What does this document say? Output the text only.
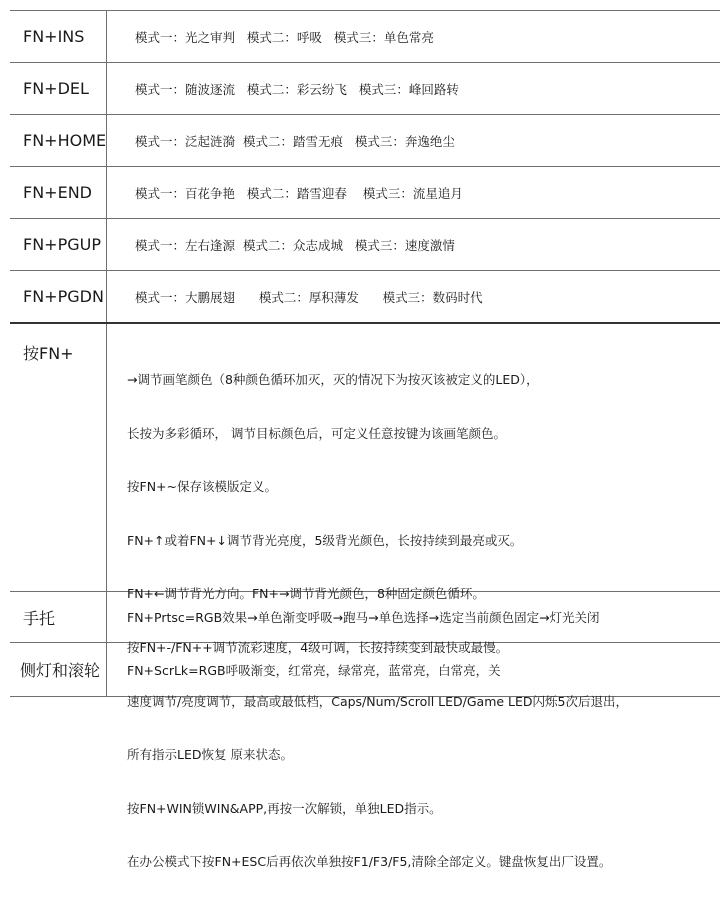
FN+INS	模式一：光之审判   模式二：呼吸   模式三：单色常亮
FN+DEL	模式一：随波逐流   模式二：彩云纷飞   模式三：峰回路转
FN+HOME	模式一：泛起涟漪  模式二：踏雪无痕   模式三：奔逸绝尘
FN+END	模式一：百花争艳   模式二：踏雪迎春    模式三：流星追月
FN+PGUP	模式一：左右逢源  模式二：众志成城   模式三：速度激情
FN+PGDN	模式一：大鹏展翅      模式二：厚积薄发      模式三：数码时代
按FN+

→调节画笔颜色（8种颜色循环加灭，灭的情况下为按灭该被定义的LED），

长按为多彩循环， 调节目标颜色后，可定义任意按键为该画笔颜色。

按FN+~保存该模版定义。

FN+↑或着FN+↓调节背光亮度，5级背光颜色，长按持续到最亮或灭。

FN+←调节背光方向。FN+→调节背光颜色，8种固定颜色循环。

按FN+-/FN++调节流彩速度，4级可调，长按持续变到最快或最慢。

速度调节/亮度调节，最高或最低档，Caps/Num/Scroll LED/Game LED闪烁5次后退出，

所有指示LED恢复 原来状态。

按FN+WIN锁WIN&APP,再按一次解锁，单独LED指示。

在办公模式下按FN+ESC后再依次单独按F1/F3/F5,清除全部定义。键盘恢复出厂设置。

手托	FN+Prtsc=RGB效果→单色渐变呼吸→跑马→单色选择→选定当前颜色固定→灯光关闭
侧灯和滚轮	FN+ScrLk=RGB呼吸渐变，红常亮，绿常亮，蓝常亮，白常亮，关
